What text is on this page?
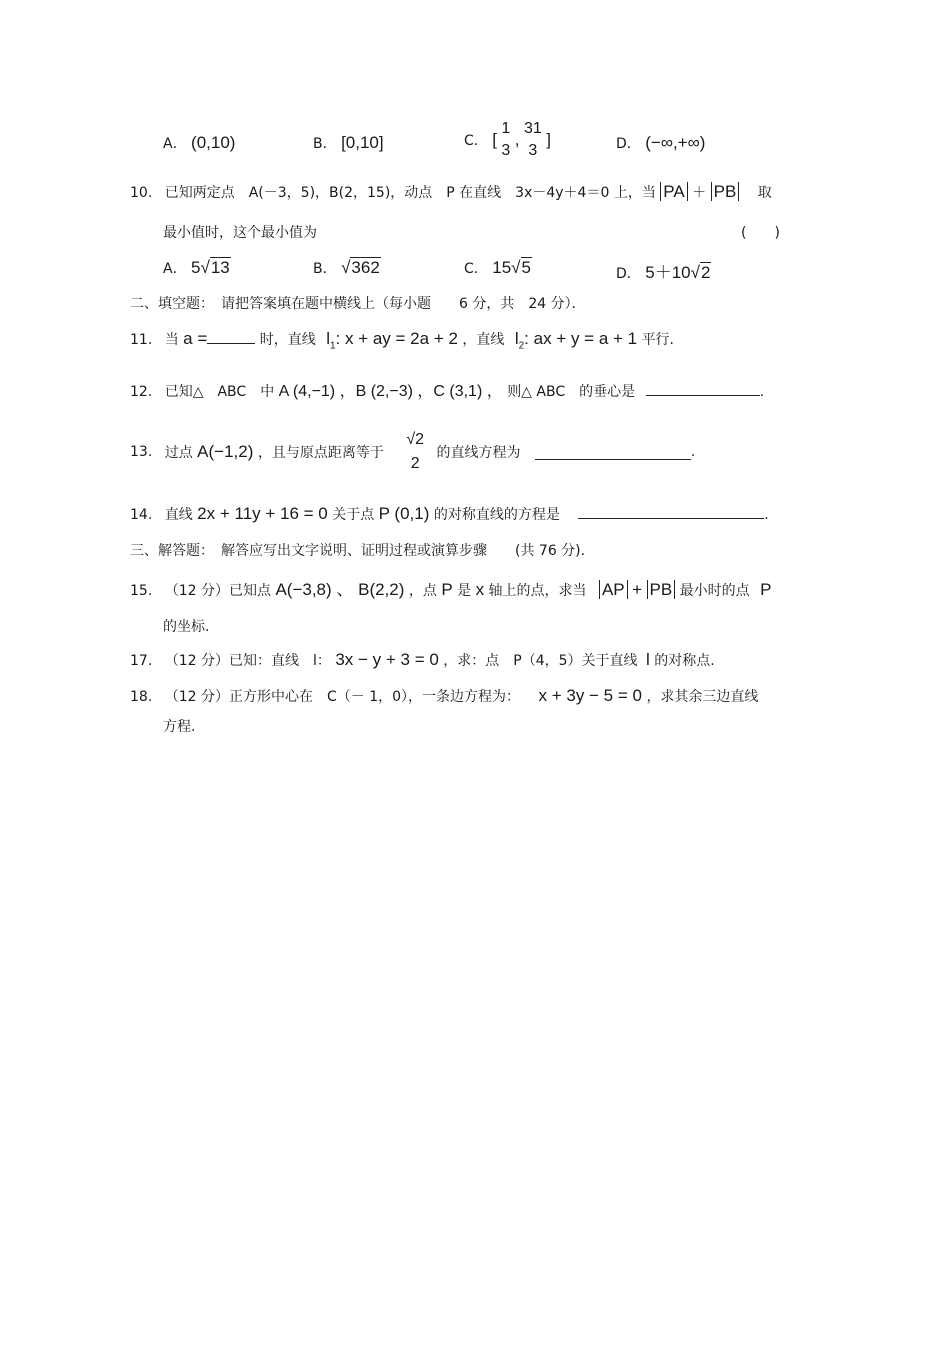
A． (0,10)	B． [0,10]	C． [
1
3
,
31
3
]	D． (−∞,+∞)
10. 已知两定点　A(－3，5)，B(2，15)，动点　P 在直线　3x－4y＋4＝0 上，当 PA ＋ PB 取
最小值时，这个最小值为	(　　)
A． 5√13	B． √362	C． 15√5	D． 5＋10√2
二、填空题：　请把答案填在题中横线上（每小题　　6 分，共　24 分）．
11. 当 a =	时，直线 $l_1$: x + ay = 2a + 2 ，直线 $l_2$: ax + y = a + 1 平行.
12. 已知△　ABC　中 A (4,−1) ，B (2,−3) ，C (3,1) ， 则△ ABC　的垂心是	.
13. 过点 A(−1,2) ，且与原点距离等于
√2
2
的直线方程为	.
14. 直线 2x + 11y + 16 = 0 关于点 P (0,1) 的对称直线的方程是	.
三、解答题：　解答应写出文字说明、证明过程或演算步骤　　(共 76 分)．
15. （12 分）已知点 A(−3,8) 、 B(2,2) ，点 P 是 x 轴上的点，求当 AP + PB 最小时的点 P
的坐标.
17. （12 分）已知：直线　l： 3x − y + 3 = 0 ，求：点　P（4，5）关于直线 l 的对称点.
18. （12 分）正方形中心在　C（－ 1，0），一条边方程为： x + 3y − 5 = 0 ，求其余三边直线
方程.
